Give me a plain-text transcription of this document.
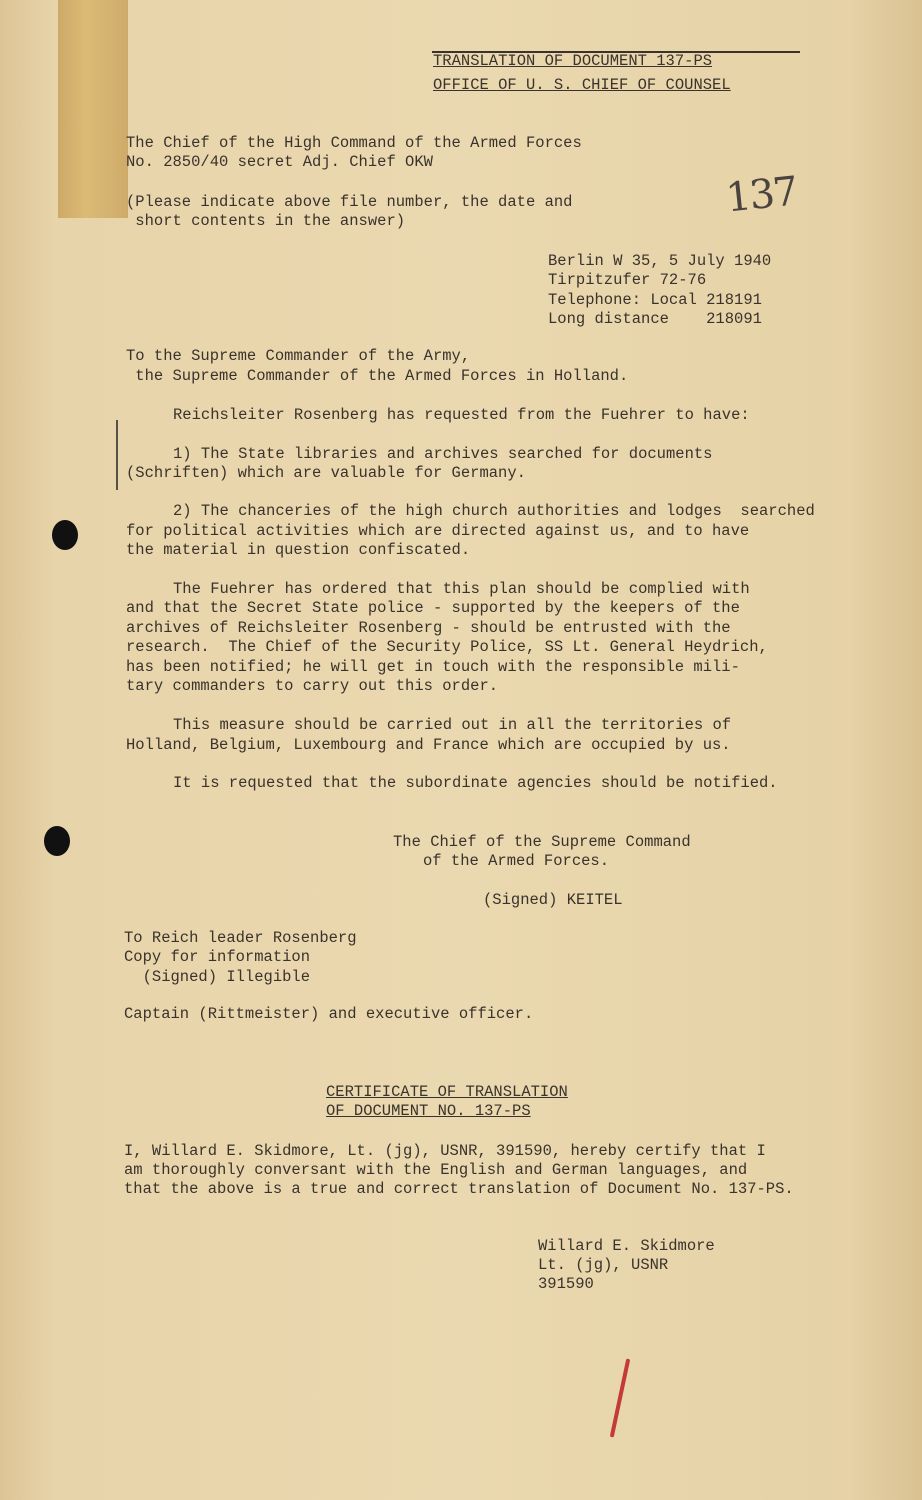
TRANSLATION OF DOCUMENT 137-PS
OFFICE OF U. S. CHIEF OF COUNSEL
The Chief of the High Command of the Armed Forces
No. 2850/40 secret Adj. Chief OKW
(Please indicate above file number, the date and
short contents in the answer)	137
Berlin W 35, 5 July 1940
Tirpitzufer 72-76
Telephone: Local 218191
Long distance    218091
To the Supreme Commander of the Army,
the Supreme Commander of the Armed Forces in Holland.
Reichsleiter Rosenberg has requested from the Fuehrer to have:
1) The State libraries and archives searched for documents
(Schriften) which are valuable for Germany.
2) The chanceries of the high church authorities and lodges  searched
for political activities which are directed against us, and to have
the material in question confiscated.
The Fuehrer has ordered that this plan should be complied with
and that the Secret State police - supported by the keepers of the
archives of Reichsleiter Rosenberg - should be entrusted with the
research.  The Chief of the Security Police, SS Lt. General Heydrich,
has been notified; he will get in touch with the responsible mili-
tary commanders to carry out this order.
This measure should be carried out in all the territories of
Holland, Belgium, Luxembourg and France which are occupied by us.
It is requested that the subordinate agencies should be notified.
The Chief of the Supreme Command
of the Armed Forces.
(Signed) KEITEL
To Reich leader Rosenberg
Copy for information
(Signed) Illegible
Captain (Rittmeister) and executive officer.
CERTIFICATE OF TRANSLATION
OF DOCUMENT NO. 137-PS
I, Willard E. Skidmore, Lt. (jg), USNR, 391590, hereby certify that I
am thoroughly conversant with the English and German languages, and
that the above is a true and correct translation of Document No. 137-PS.
Willard E. Skidmore
Lt. (jg), USNR
391590
